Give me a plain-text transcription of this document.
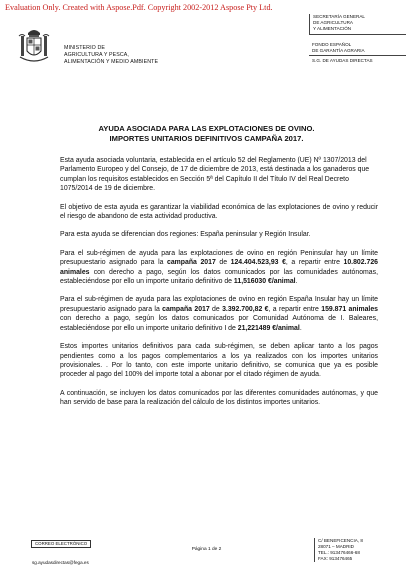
Evaluation Only. Created with Aspose.Pdf. Copyright 2002-2012 Aspose Pty Ltd.
MINISTERIO DE
AGRICULTURA Y PESCA,
ALIMENTACIÓN Y MEDIO AMBIENTE
SECRETARÍA GENERAL
DE AGRICULTURA
Y ALIMENTACIÓN
FONDO ESPAÑOL
DE GARANTÍA AGRARIA
S.G. DE AYUDAS DIRECTAS
AYUDA ASOCIADA PARA LAS EXPLOTACIONES DE OVINO.
IMPORTES UNITARIOS DEFINITIVOS CAMPAÑA 2017.

Esta ayuda asociada voluntaria, establecida en el artículo 52 del Reglamento (UE) Nº 1307/2013 del Parlamento Europeo y del Consejo, de 17 de diciembre de 2013, está destinada a los ganaderos que cumplan los requisitos establecidos en Sección 5ª del Capítulo II del Título IV del Real Decreto 1075/2014 de 19 de diciembre.

El objetivo de esta ayuda es garantizar la viabilidad económica de las explotaciones de ovino y reducir el riesgo de abandono de esta actividad productiva.

Para esta ayuda se diferencian dos regiones: España peninsular y Región Insular.

Para el sub-régimen de ayuda para las explotaciones de ovino en región Peninsular hay un límite presupuestario asignado para la campaña 2017 de 124.404.523,93 €, a repartir entre 10.802.726 animales con derecho a pago, según los datos comunicados por las comunidades autónomas, estableciéndose por ello un importe unitario definitivo de 11,516030 €/animal.

Para el sub-régimen de ayuda para las explotaciones de ovino en región España Insular hay un límite presupuestario asignado para la campaña 2017 de 3.392.700,82 €, a repartir entre 159.871 animales con derecho a pago, según los datos comunicados por Comunidad Autónoma de I. Baleares, estableciéndose por ello un importe unitario definitivo I de 21,221489 €/animal.

Estos importes unitarios definitivos para cada sub-régimen, se deben aplicar tanto a los pagos pendientes como a los pagos complementarios a los ya realizados con los importes unitarios provisionales. . Por lo tanto, con este importe unitario definitivo, se comunica que ya es posible proceder al pago del 100% del importe total a abonar por el citado régimen de ayuda.

A continuación, se incluyen los datos comunicados por las diferentes comunidades autónomas, y que han servido de base para la realización del cálculo de los distintos importes unitarios.

CORREO ELECTRÓNICO
sg.ayudasdirectas@fega.es
Página 1 de 2
C/ BENEFICENCIA, 8
28071 – MADRID
TEL.: 913476466-68
FAX: 913476465
